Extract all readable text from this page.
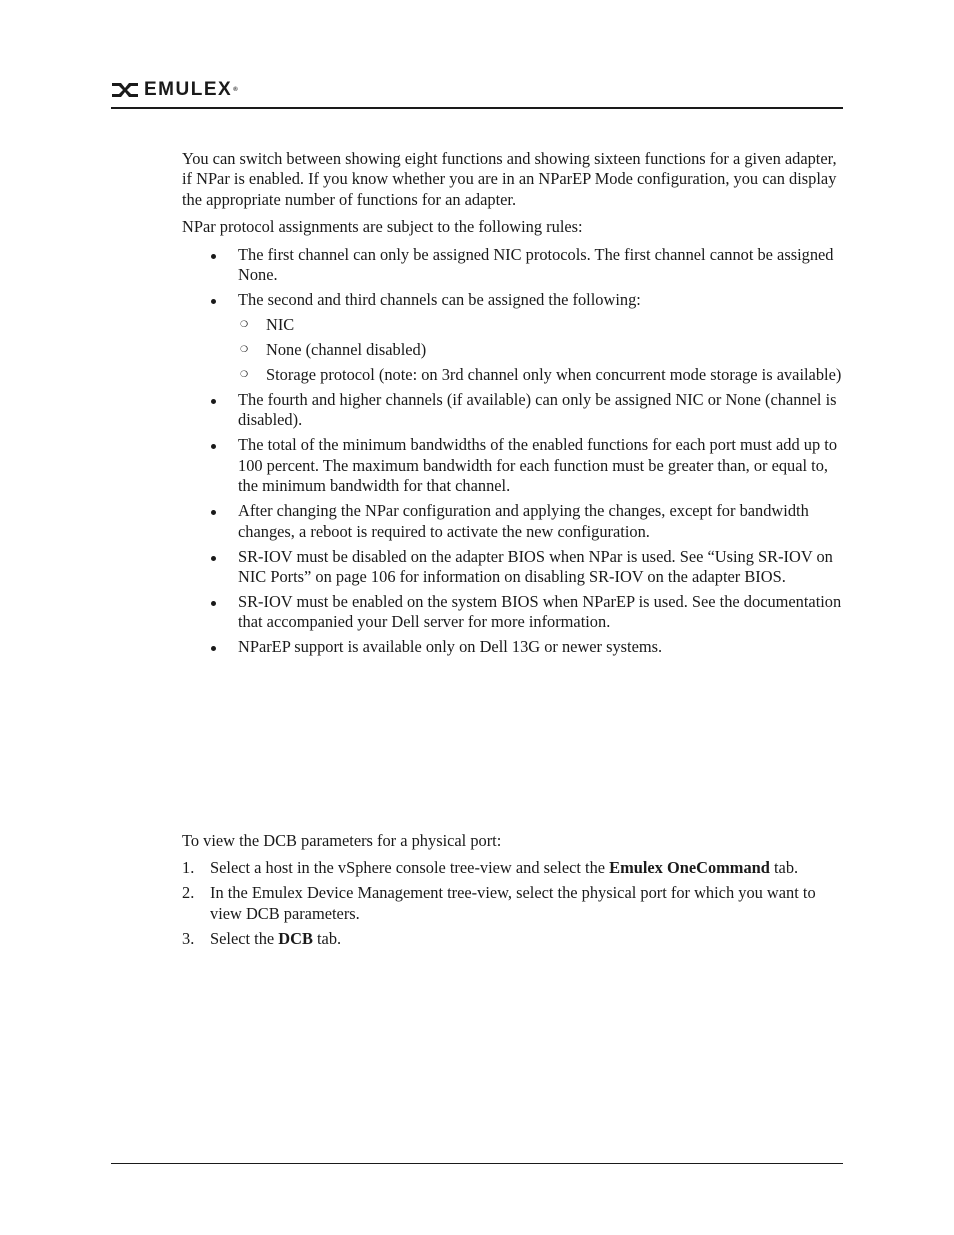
EMULEX®

You can switch between showing eight functions and showing sixteen functions for a given adapter, if NPar is enabled. If you know whether you are in an NParEP Mode configuration, you can display the appropriate number of functions for an adapter.

NPar protocol assignments are subject to the following rules:

The first channel can only be assigned NIC protocols. The first channel cannot be assigned None.
The second and third channels can be assigned the following:
❍ NIC
❍ None (channel disabled)
❍ Storage protocol (note: on 3rd channel only when concurrent mode storage is available)
The fourth and higher channels (if available) can only be assigned NIC or None (channel is disabled).
The total of the minimum bandwidths of the enabled functions for each port must add up to 100 percent. The maximum bandwidth for each function must be greater than, or equal to, the minimum bandwidth for that channel.
After changing the NPar configuration and applying the changes, except for bandwidth changes, a reboot is required to activate the new configuration.
SR-IOV must be disabled on the adapter BIOS when NPar is used. See “Using SR-IOV on NIC Ports” on page 106 for information on disabling SR-IOV on the adapter BIOS.
SR-IOV must be enabled on the system BIOS when NParEP is used. See the documentation that accompanied your Dell server for more information.
NParEP support is available only on Dell 13G or newer systems.

To view the DCB parameters for a physical port:

1. Select a host in the vSphere console tree-view and select the Emulex OneCommand tab.
2. In the Emulex Device Management tree-view, select the physical port for which you want to view DCB parameters.
3. Select the DCB tab.
